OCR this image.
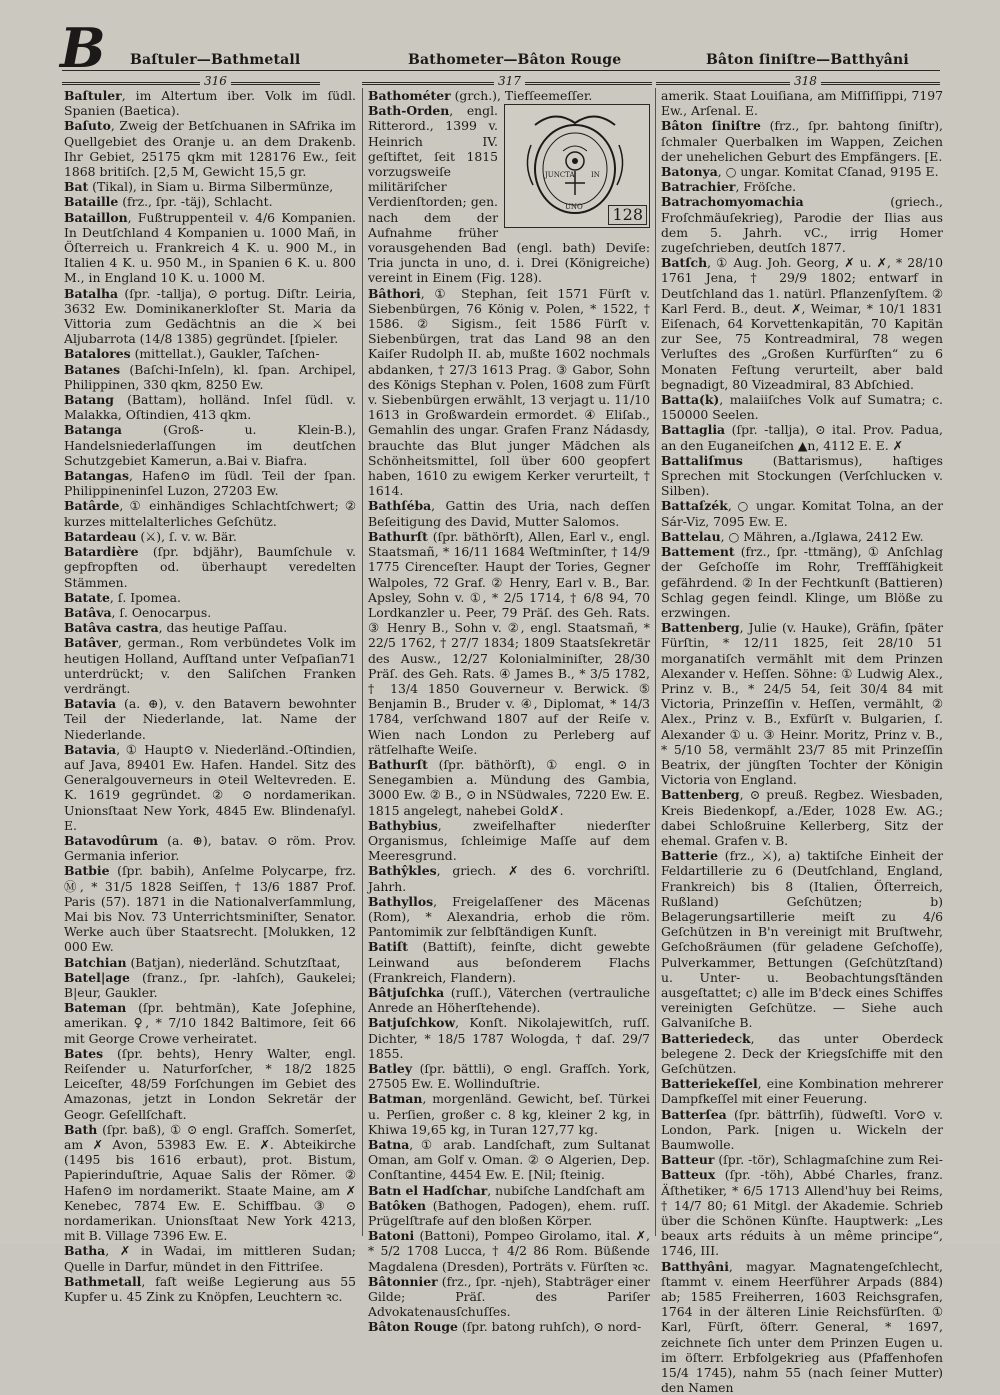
B Baſtuler—Bathmetall	Bathometer—Bâton Rouge	Bâton ſiniſtre—Batthyâni
316	317	318

Baſtuler, im Altertum iber. Volk im ſüdl. Spanien (Baetica).

Baſuto, Zweig der Betſchuanen in SAfrika im Quellgebiet des Oranje u. an dem Drakenb. Ihr Gebiet, 25175 qkm mit 128176 Ew., ſeit 1868 britiſch. [2,5 M, Gewicht 15,5 gr.

Bat (Tikal), in Siam u. Birma Silbermünze,

Bataille (frz., ſpr. -täj), Schlacht.

Bataillon, Fußtruppenteil v. 4/6 Kompanien. In Deutſchland 4 Kompanien u. 1000 Mañ, in Öſterreich u. Frankreich 4 K. u. 900 M., in Italien 4 K. u. 950 M., in Spanien 6 K. u. 800 M., in England 10 K. u. 1000 M.

Batalha (ſpr. -tallja), ⊙ portug. Diſtr. Leiria, 3632 Ew. Dominikanerkloſter St. Maria da Vittoria zum Gedächtnis an die ⚔ bei Aljubarrota (14/8 1385) gegründet. [ſpieler.

Batalores (mittellat.), Gaukler, Taſchen-

Batanes (Baſchi-Inſeln), kl. ſpan. Archipel, Philippinen, 330 qkm, 8250 Ew.

Batang (Battam), holländ. Inſel ſüdl. v. Malakka, Oſtindien, 413 qkm.

Batanga (Groß- u. Klein-B.), Handelsniederlaſſungen im deutſchen Schutzgebiet Kamerun, a.Bai v. Biafra.

Batangas, Hafen⊙ im ſüdl. Teil der ſpan. Philippineninſel Luzon, 27203 Ew.

Batârde, ① einhändiges Schlachtſchwert; ② kurzes mittelalterliches Geſchütz.

Batardeau (⚔), ſ. v. w. Bär.

Batardière (ſpr. bdjähr), Baumſchule v. gepfropften od. überhaupt veredelten Stämmen.

Batate, ſ. Ipomea.

Batâva, ſ. Oenocarpus.

Batâva castra, das heutige Paſſau.

Batâver, german., Rom verbündetes Volk im heutigen Holland, Aufſtand unter Veſpaſian71 unterdrückt; v. den Saliſchen Franken verdrängt.

Batavia (a. ⊕), v. den Batavern bewohnter Teil der Niederlande, lat. Name der Niederlande.

Batavia, ① Haupt⊙ v. Niederländ.-Oſtindien, auf Java, 89401 Ew. Hafen. Handel. Sitz des Generalgouverneurs in ⊙teil Weltevreden. E. K. 1619 gegründet. ② ⊙ nordamerikan. Unionsſtaat New York, 4845 Ew. Blindenaſyl. E.

Batavodûrum (a. ⊕), batav. ⊙ röm. Prov. Germania inferior.

Batbie (ſpr. babih), Anſelme Polycarpe, frz. Ⓜ, * 31/5 1828 Seiſſen, † 13/6 1887 Prof. Paris (57). 1871 in die Nationalverſammlung, Mai bis Nov. 73 Unterrichtsminiſter, Senator. Werke auch über Staatsrecht. [Molukken, 12 000 Ew.

Batchian (Batjan), niederländ. Schutzſtaat,

Batel|age (franz., ſpr. -lahſch), Gaukelei; B|eur, Gaukler.

Bateman (ſpr. behtmän), Kate Joſephine, amerikan. ♀, * 7/10 1842 Baltimore, ſeit 66 mit George Crowe verheiratet.

Bates (ſpr. behts), Henry Walter, engl. Reiſender u. Naturforſcher, * 18/2 1825 Leiceſter, 48/59 Forſchungen im Gebiet des Amazonas, jetzt in London Sekretär der Geogr. Geſellſchaft.

Bath (ſpr. baß), ① ⊙ engl. Grafſch. Somerſet, am ✗ Avon, 53983 Ew. E. ✗. Abteikirche (1495 bis 1616 erbaut), prot. Bistum, Papierinduſtrie, Aquae Salis der Römer. ② Hafen⊙ im nordamerikt. Staate Maine, am ✗ Kenebec, 7874 Ew. E. Schiffbau. ③ ⊙ nordamerikan. Unionsſtaat New York 4213, mit B. Village 7396 Ew. E.

Batha, ✗ in Wadai, im mittleren Sudan; Quelle in Darfur, mündet in den Fittriſee.

Bathmetall, faſt weiße Legierung aus 55 Kupfer u. 45 Zink zu Knöpfen, Leuchtern ꝛc.

Bathométer (grch.), Tiefſeemeſſer.

JUNCTA IN
UNO 128
Bath-Orden, engl. Ritterord., 1399 v. Heinrich IV. geſtiftet, ſeit 1815 vorzugsweiſe militäriſcher Verdienſtorden; gen. nach dem der Aufnahme früher vorausgehenden Bad (engl. bath) Deviſe: Tria juncta in uno, d. i. Drei (Königreiche) vereint in Einem (Fig. 128).

Bâthori, ① Stephan, ſeit 1571 Fürſt v. Siebenbürgen, 76 König v. Polen, * 1522, † 1586. ② Sigism., ſeit 1586 Fürſt v. Siebenbürgen, trat das Land 98 an den Kaiſer Rudolph II. ab, mußte 1602 nochmals abdanken, † 27/3 1613 Prag. ③ Gabor, Sohn des Königs Stephan v. Polen, 1608 zum Fürſt v. Siebenbürgen erwählt, 13 verjagt u. 11/10 1613 in Großwardein ermordet. ④ Eliſab., Gemahlin des ungar. Grafen Franz Nádasdy, brauchte das Blut junger Mädchen als Schönheitsmittel, ſoll über 600 geopfert haben, 1610 zu ewigem Kerker verurteilt, † 1614.

Bathſéba, Gattin des Uria, nach deſſen Beſeitigung des David, Mutter Salomos.

Bathurſt (ſpr. bäthörſt), Allen, Earl v., engl. Staatsmañ, * 16/11 1684 Weſtminſter, † 14/9 1775 Cirenceſter. Haupt der Tories, Gegner Walpoles, 72 Graf. ② Henry, Earl v. B., Bar. Apsley, Sohn v. ①, * 2/5 1714, † 6/8 94, 70 Lordkanzler u. Peer, 79 Präſ. des Geh. Rats. ③ Henry B., Sohn v. ②, engl. Staatsmañ, * 22/5 1762, † 27/7 1834; 1809 Staatsſekretär des Ausw., 12/27 Kolonialminiſter, 28/30 Präſ. des Geh. Rats. ④ James B., * 3/5 1782, † 13/4 1850 Gouverneur v. Berwick. ⑤ Benjamin B., Bruder v. ④, Diplomat, * 14/3 1784, verſchwand 1807 auf der Reiſe v. Wien nach London zu Perleberg auf rätſelhafte Weiſe.

Bathurſt (ſpr. bäthörſt), ① engl. ⊙ in Senegambien a. Mündung des Gambia, 3000 Ew. ② B., ⊙ in NSüdwales, 7220 Ew. E. 1815 angelegt, nahebei Gold✗.

Bathybius, zweifelhafter niederſter Organismus, ſchleimige Maſſe auf dem Meeresgrund.

Bathŷkles, griech. ✗ des 6. vorchriſtl. Jahrh.

Bathyllos, Freigelaſſener des Mäcenas (Rom), * Alexandria, erhob die röm. Pantomimik zur ſelbſtändigen Kunſt.

Batiſt (Battiſt), feinſte, dicht gewebte Leinwand aus beſonderem Flachs (Frankreich, Flandern).

Bâtjuſchka (ruſſ.), Väterchen (vertrauliche Anrede an Höherſtehende).

Batjuſchkow, Konſt. Nikolajewitſch, ruſſ. Dichter, * 18/5 1787 Wologda, † daſ. 29/7 1855.

Batley (ſpr. bättli), ⊙ engl. Grafſch. York, 27505 Ew. E. Wollinduſtrie.

Batman, morgenländ. Gewicht, beſ. Türkei u. Perſien, großer c. 8 kg, kleiner 2 kg, in Khiwa 19,65 kg, in Turan 127,77 kg.

Batna, ① arab. Landſchaft, zum Sultanat Oman, am Golf v. Oman. ② ⊙ Algerien, Dep. Conſtantine, 4454 Ew. E. [Nil; ſteinig.

Batn el Hadſchar, nubiſche Landſchaft am

Batôken (Bathogen, Padogen), ehem. ruſſ. Prügelſtrafe auf den bloßen Körper.

Batoni (Battoni), Pompeo Girolamo, ital. ✗, * 5/2 1708 Lucca, † 4/2 86 Rom. Büßende Magdalena (Dresden), Porträts v. Fürſten ꝛc.

Bâtonnier (frz., ſpr. -njeh), Stabträger einer Gilde; Präſ. des Pariſer Advokatenausſchuſſes.

Bâton Rouge (ſpr. batong ruhſch), ⊙ nord-

amerik. Staat Louiſiana, am Miſſiſſippi, 7197 Ew., Arſenal. E.

Bâton ſiniſtre (frz., ſpr. bahtong ſiniſtr), ſchmaler Querbalken im Wappen, Zeichen der unehelichen Geburt des Empfängers. [E.

Batonya, ○ ungar. Komitat Cſanad, 9195 E.

Batrachier, Fröſche.

Batrachomyomachia (griech., Froſchmäuſekrieg), Parodie der Ilias aus dem 5. Jahrh. vC., irrig Homer zugeſchrieben, deutſch 1877.

Batſch, ① Aug. Joh. Georg, ✗ u. ✗, * 28/10 1761 Jena, † 29/9 1802; entwarf in Deutſchland das 1. natürl. Pflanzenſyſtem. ② Karl Ferd. B., deut. ✗, Weimar, * 10/1 1831 Eiſenach, 64 Korvettenkapitän, 70 Kapitän zur See, 75 Kontreadmiral, 78 wegen Verluſtes des „Großen Kurfürſten“ zu 6 Monaten Feſtung verurteilt, aber bald begnadigt, 80 Vizeadmiral, 83 Abſchied.

Batta(k), malaiiſches Volk auf Sumatra; c. 150000 Seelen.

Battaglia (ſpr. -tallja), ⊙ ital. Prov. Padua, an den Euganeiſchen ▲n, 4112 E. E. ✗

Battaliſmus (Battarismus), haſtiges Sprechen mit Stockungen (Verſchlucken v. Silben).

Battaſzék, ○ ungar. Komitat Tolna, an der Sár-Viz, 7095 Ew. E.

Battelau, ○ Mähren, a./Iglawa, 2412 Ew.

Battement (frz., ſpr. -ttmäng), ① Anſchlag der Geſchoſſe im Rohr, Treffſähigkeit gefährdend. ② In der Fechtkunſt (Battieren) Schlag gegen feindl. Klinge, um Blöße zu erzwingen.

Battenberg, Julie (v. Hauke), Gräfin, ſpäter Fürſtin, * 12/11 1825, ſeit 28/10 51 morganatiſch vermählt mit dem Prinzen Alexander v. Heſſen. Söhne: ① Ludwig Alex., Prinz v. B., * 24/5 54, ſeit 30/4 84 mit Victoria, Prinzeſſin v. Heſſen, vermählt, ② Alex., Prinz v. B., Exfürſt v. Bulgarien, ſ. Alexander ① u. ③ Heinr. Moritz, Prinz v. B., * 5/10 58, vermählt 23/7 85 mit Prinzeſſin Beatrix, der jüngſten Tochter der Königin Victoria von England.

Battenberg, ⊙ preuß. Regbez. Wiesbaden, Kreis Biedenkopf, a./Eder, 1028 Ew. AG.; dabei Schloßruine Kellerberg, Sitz der ehemal. Grafen v. B.

Batterie (frz., ⚔), a) taktiſche Einheit der Feldartillerie zu 6 (Deutſchland, England, Frankreich) bis 8 (Italien, Öſterreich, Rußland) Geſchützen; b) Belagerungsartillerie meiſt zu 4/6 Geſchützen in B'n vereinigt mit Bruſtwehr, Geſchoßräumen (für geladene Geſchoſſe), Pulverkammer, Bettungen (Geſchützſtand) u. Unter- u. Beobachtungsſtänden ausgeſtattet; c) alle im B'deck eines Schiffes vereinigten Geſchütze. — Siehe auch Galvaniſche B.

Batteriedeck, das unter Oberdeck belegene 2. Deck der Kriegsſchiffe mit den Geſchützen.

Batteriekeſſel, eine Kombination mehrerer Dampfkeſſel mit einer Feuerung.

Batterſea (ſpr. bättrſih), ſüdweſtl. Vor⊙ v. London, Park. [nigen u. Wickeln der Baumwolle.

Batteur (ſpr. -tör), Schlagmaſchine zum Rei-

Batteux (ſpr. -töh), Abbé Charles, franz. Äſthetiker, * 6/5 1713 Allend'huy bei Reims, † 14/7 80; 61 Mitgl. der Akademie. Schrieb über die Schönen Künſte. Hauptwerk: „Les beaux arts réduits à un même principe“, 1746, III.

Batthyâni, magyar. Magnatengeſchlecht, ſtammt v. einem Heerführer Arpads (884) ab; 1585 Freiherren, 1603 Reichsgrafen, 1764 in der älteren Linie Reichsfürſten. ① Karl, Fürſt, öſterr. General, * 1697, zeichnete ſich unter dem Prinzen Eugen u. im öſterr. Erbfolgekrieg aus (Pfaffenhofen 15/4 1745), nahm 55 (nach ſeiner Mutter) den Namen
